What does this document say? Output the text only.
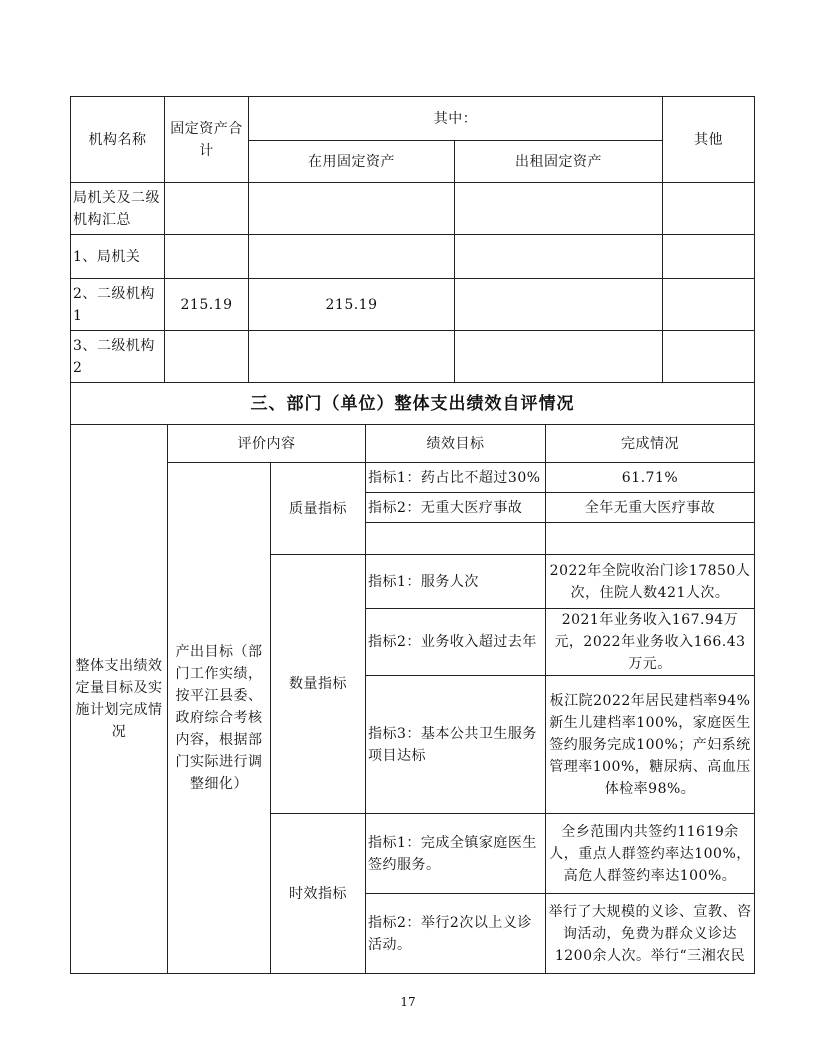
机构名称	固定资产合计	其中：		其他
		在用固定资产	出租固定资产	
局机关及二级机构汇总				
1、局机关				
2、二级机构1	215.19	215.19		
3、二级机构2				
三、部门（单位）整体支出绩效自评情况				
整体支出绩效定量目标及实施计划完成情况	评价内容		绩效目标	完成情况
	产出目标（部门工作实绩，按平江县委、政府综合考核内容，根据部门实际进行调整细化）	质量指标	指标1：药占比不超过30%	61.71%
			指标2：无重大医疗事故	全年无重大医疗事故

		数量指标	指标1：服务人次	2022年全院收治门诊17850人次，住院人数421人次。
			指标2：业务收入超过去年	2021年业务收入167.94万元，2022年业务收入166.43万元。
			指标3：基本公共卫生服务项目达标	板江院2022年居民建档率94%新生儿建档率100%，家庭医生签约服务完成100%；产妇系统管理率100%，糖尿病、高血压体检率98%。
		时效指标	指标1：完成全镇家庭医生签约服务。	全乡范围内共签约11619余人，重点人群签约率达100%，高危人群签约率达100%。
			指标2：举行2次以上义诊活动。	举行了大规模的义诊、宣教、咨询活动，免费为群众义诊达1200余人次。举行“三湘农民
17
